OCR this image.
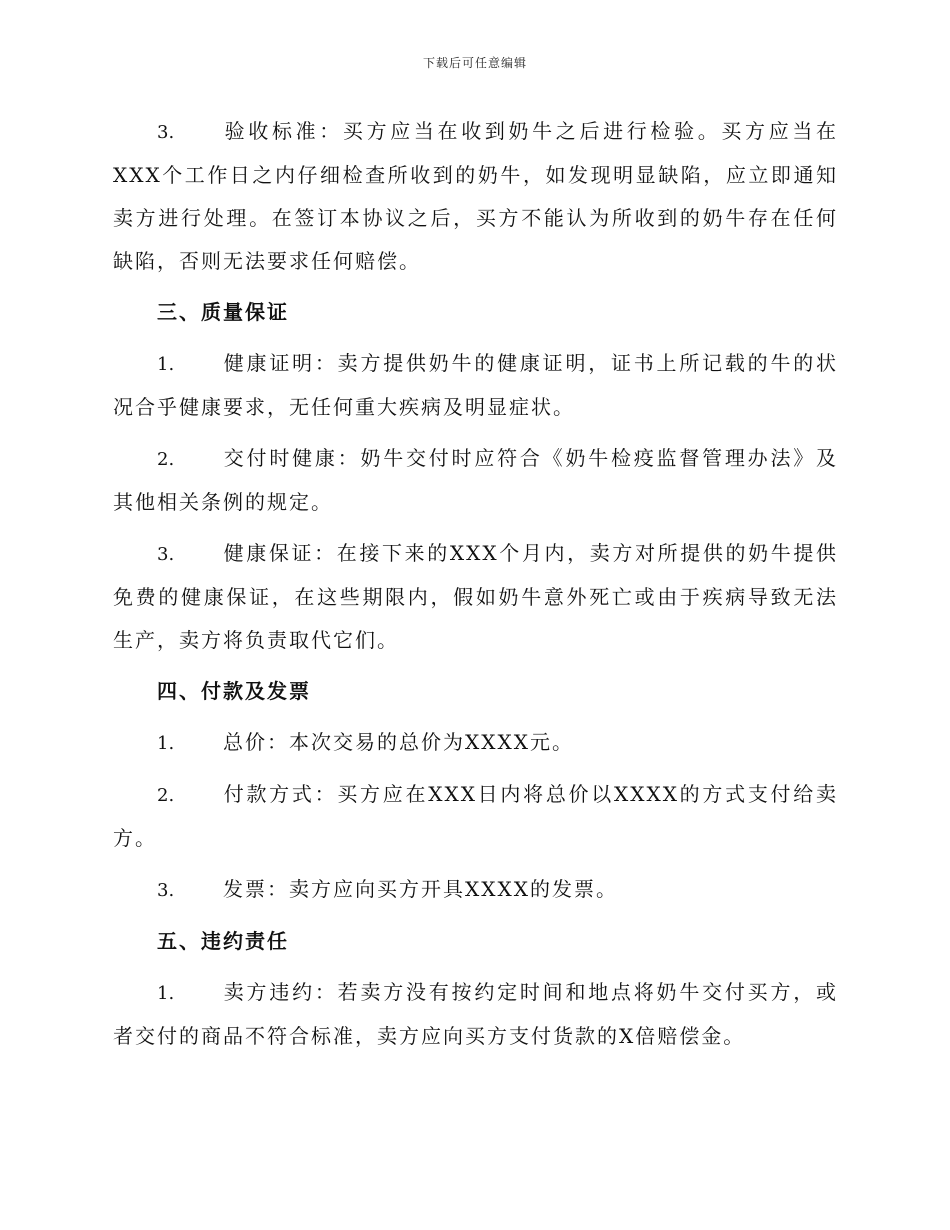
下载后可任意编辑

3. 验收标准：买方应当在收到奶牛之后进行检验。买方应当在XXX个工作日之内仔细检查所收到的奶牛，如发现明显缺陷，应立即通知卖方进行处理。在签订本协议之后，买方不能认为所收到的奶牛存在任何缺陷，否则无法要求任何赔偿。

三、质量保证

1. 健康证明：卖方提供奶牛的健康证明，证书上所记载的牛的状况合乎健康要求，无任何重大疾病及明显症状。

2. 交付时健康：奶牛交付时应符合《奶牛检疫监督管理办法》及其他相关条例的规定。

3. 健康保证：在接下来的XXX个月内，卖方对所提供的奶牛提供免费的健康保证，在这些期限内，假如奶牛意外死亡或由于疾病导致无法生产，卖方将负责取代它们。

四、付款及发票

1. 总价：本次交易的总价为XXXX元。

2. 付款方式：买方应在XXX日内将总价以XXXX的方式支付给卖方。

3. 发票：卖方应向买方开具XXXX的发票。

五、违约责任

1. 卖方违约：若卖方没有按约定时间和地点将奶牛交付买方，或者交付的商品不符合标准，卖方应向买方支付货款的X倍赔偿金。
